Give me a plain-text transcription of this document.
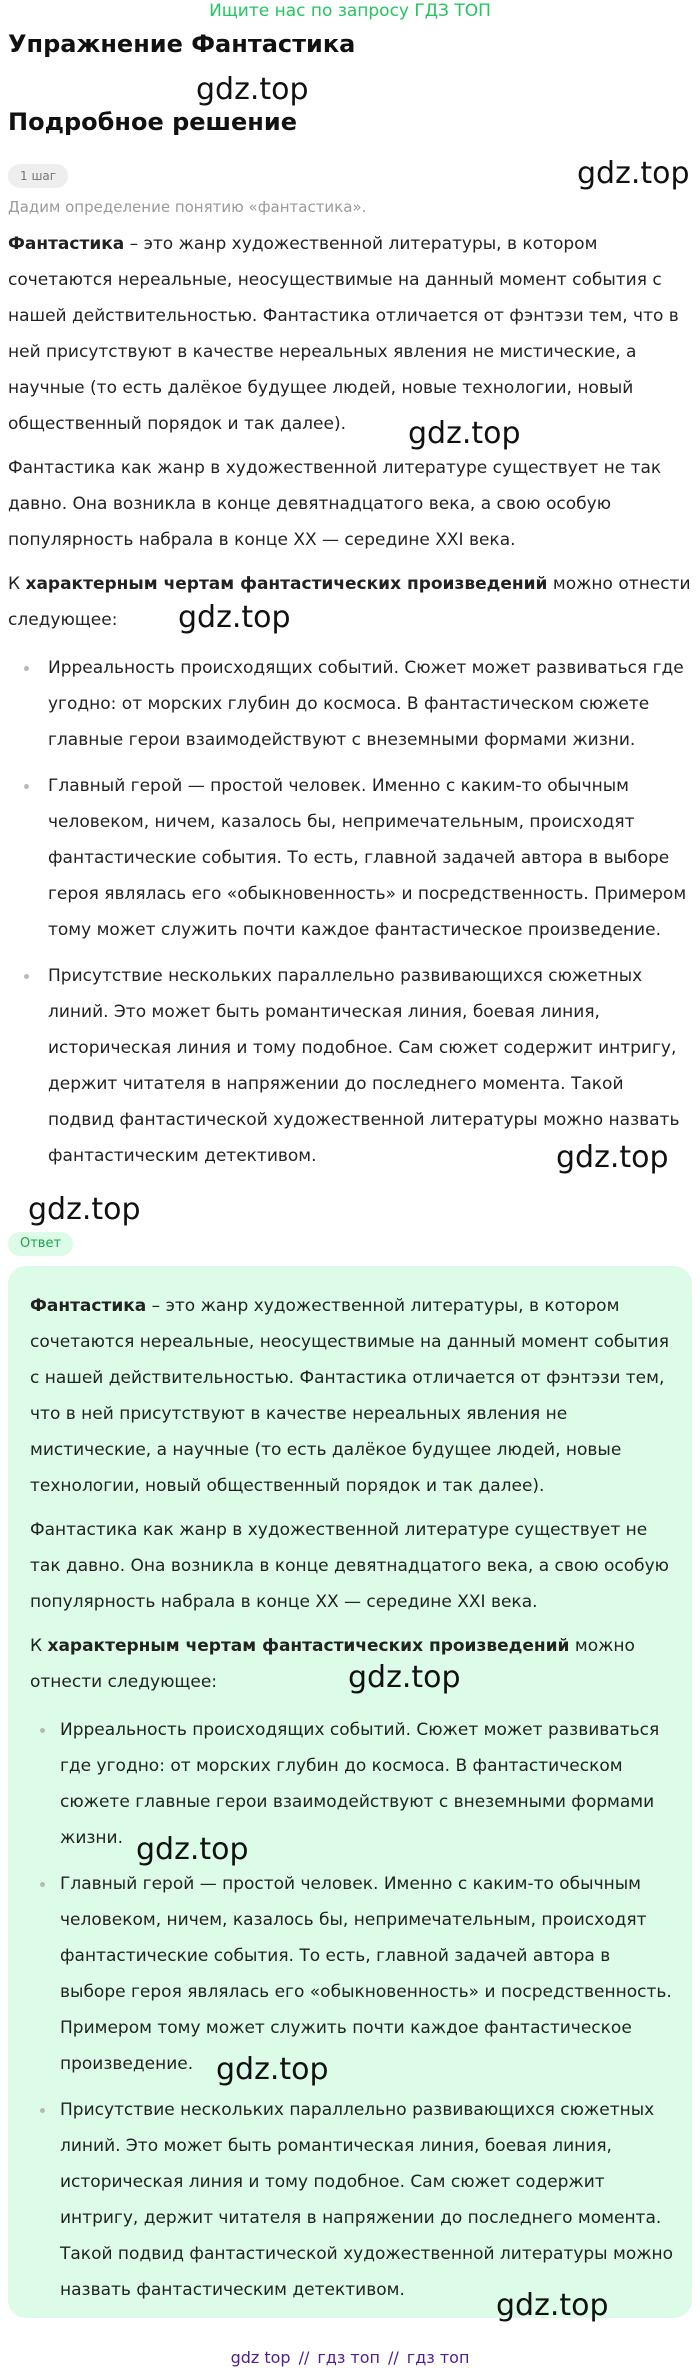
Ищите нас по запросу ГДЗ ТОП
Упражнение Фантастика
gdz.top
Подробное решение
gdz.top
1 шаг
Дадим определение понятию «фантастика».

Фантастика – это жанр художественной литературы, в котором сочетаются нереальные, неосуществимые на данный момент события с нашей действительностью. Фантастика отличается от фэнтэзи тем, что в ней присутствуют в качестве нереальных явления не мистические, а научные (то есть далёкое будущее людей, новые технологии, новый общественный порядок и так далее).

Фантастика как жанр в художественной литературе существует не так давно. Она возникла в конце девятнадцатого века, а свою особую популярность набрала в конце XX — середине XXI века.

К характерным чертам фантастических произведений можно отнести следующее:

Ирреальность происходящих событий. Сюжет может развиваться где угодно: от морских глубин до космоса. В фантастическом сюжете главные герои взаимодействуют с внеземными формами жизни.
Главный герой — простой человек. Именно с каким-то обычным человеком, ничем, казалось бы, непримечательным, происходят фантастические события. То есть, главной задачей автора в выборе героя являлась его «обыкновенность» и посредственность. Примером тому может служить почти каждое фантастическое произведение.
Присутствие нескольких параллельно развивающихся сюжетных линий. Это может быть романтическая линия, боевая линия, историческая линия и тому подобное. Сам сюжет содержит интригу, держит читателя в напряжении до последнего момента. Такой подвид фантастической художественной литературы можно назвать фантастическим детективом.
gdz.top
gdz.top
gdz.top
gdz.top
Ответ

Фантастика – это жанр художественной литературы, в котором сочетаются нереальные, неосуществимые на данный момент события с нашей действительностью. Фантастика отличается от фэнтэзи тем, что в ней присутствуют в качестве нереальных явления не мистические, а научные (то есть далёкое будущее людей, новые технологии, новый общественный порядок и так далее).

Фантастика как жанр в художественной литературе существует не так давно. Она возникла в конце девятнадцатого века, а свою особую популярность набрала в конце XX — середине XXI века.

К характерным чертам фантастических произведений можно отнести следующее:

Ирреальность происходящих событий. Сюжет может развиваться где угодно: от морских глубин до космоса. В фантастическом сюжете главные герои взаимодействуют с внеземными формами жизни.
Главный герой — простой человек. Именно с каким-то обычным человеком, ничем, казалось бы, непримечательным, происходят фантастические события. То есть, главной задачей автора в выборе героя являлась его «обыкновенность» и посредственность. Примером тому может служить почти каждое фантастическое произведение.
Присутствие нескольких параллельно развивающихся сюжетных линий. Это может быть романтическая линия, боевая линия, историческая линия и тому подобное. Сам сюжет содержит интригу, держит читателя в напряжении до последнего момента. Такой подвид фантастической художественной литературы можно назвать фантастическим детективом.
gdz.top
gdz.top
gdz.top
gdz.top
gdz top // гдз топ // гдз топ
